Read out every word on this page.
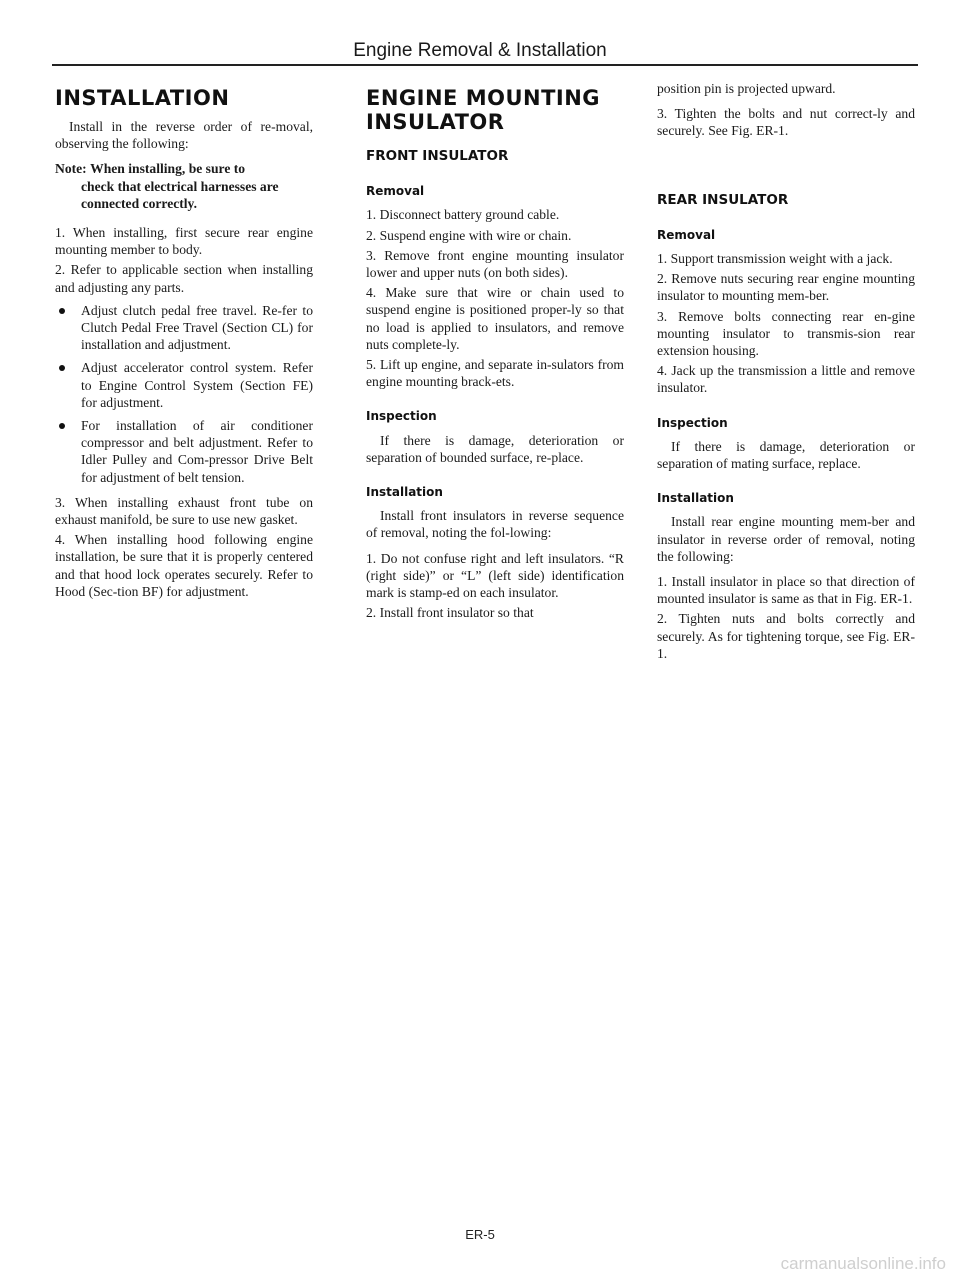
Engine Removal & Installation
INSTALLATION

Install in the reverse order of re-moval, observing the following:

Note: When installing, be sure to
check that electrical harnesses are connected correctly.

1. When installing, first secure rear engine mounting member to body.

2. Refer to applicable section when installing and adjusting any parts.

Adjust clutch pedal free travel. Re-fer to Clutch Pedal Free Travel (Section CL) for installation and adjustment.
Adjust accelerator control system. Refer to Engine Control System (Section FE) for adjustment.
For installation of air conditioner compressor and belt adjustment. Refer to Idler Pulley and Com-pressor Drive Belt for adjustment of belt tension.

3. When installing exhaust front tube on exhaust manifold, be sure to use new gasket.

4. When installing hood following engine installation, be sure that it is properly centered and that hood lock operates securely. Refer to Hood (Sec-tion BF) for adjustment.

ENGINE MOUNTING INSULATOR
FRONT INSULATOR
Removal

1. Disconnect battery ground cable.

2. Suspend engine with wire or chain.

3. Remove front engine mounting insulator lower and upper nuts (on both sides).

4. Make sure that wire or chain used to suspend engine is positioned proper-ly so that no load is applied to insulators, and remove nuts complete-ly.

5. Lift up engine, and separate in-sulators from engine mounting brack-ets.

Inspection

If there is damage, deterioration or separation of bounded surface, re-place.

Installation

Install front insulators in reverse sequence of removal, noting the fol-lowing:

1. Do not confuse right and left insulators. “R (right side)” or “L” (left side) identification mark is stamp-ed on each insulator.

2. Install front insulator so that

position pin is projected upward.

3. Tighten the bolts and nut correct-ly and securely. See Fig. ER-1.

REAR INSULATOR
Removal

1. Support transmission weight with a jack.

2. Remove nuts securing rear engine mounting insulator to mounting mem-ber.

3. Remove bolts connecting rear en-gine mounting insulator to transmis-sion rear extension housing.

4. Jack up the transmission a little and remove insulator.

Inspection

If there is damage, deterioration or separation of mating surface, replace.

Installation

Install rear engine mounting mem-ber and insulator in reverse order of removal, noting the following:

1. Install insulator in place so that direction of mounted insulator is same as that in Fig. ER-1.

2. Tighten nuts and bolts correctly and securely. As for tightening torque, see Fig. ER-1.

ER-5
carmanualsonline.info
